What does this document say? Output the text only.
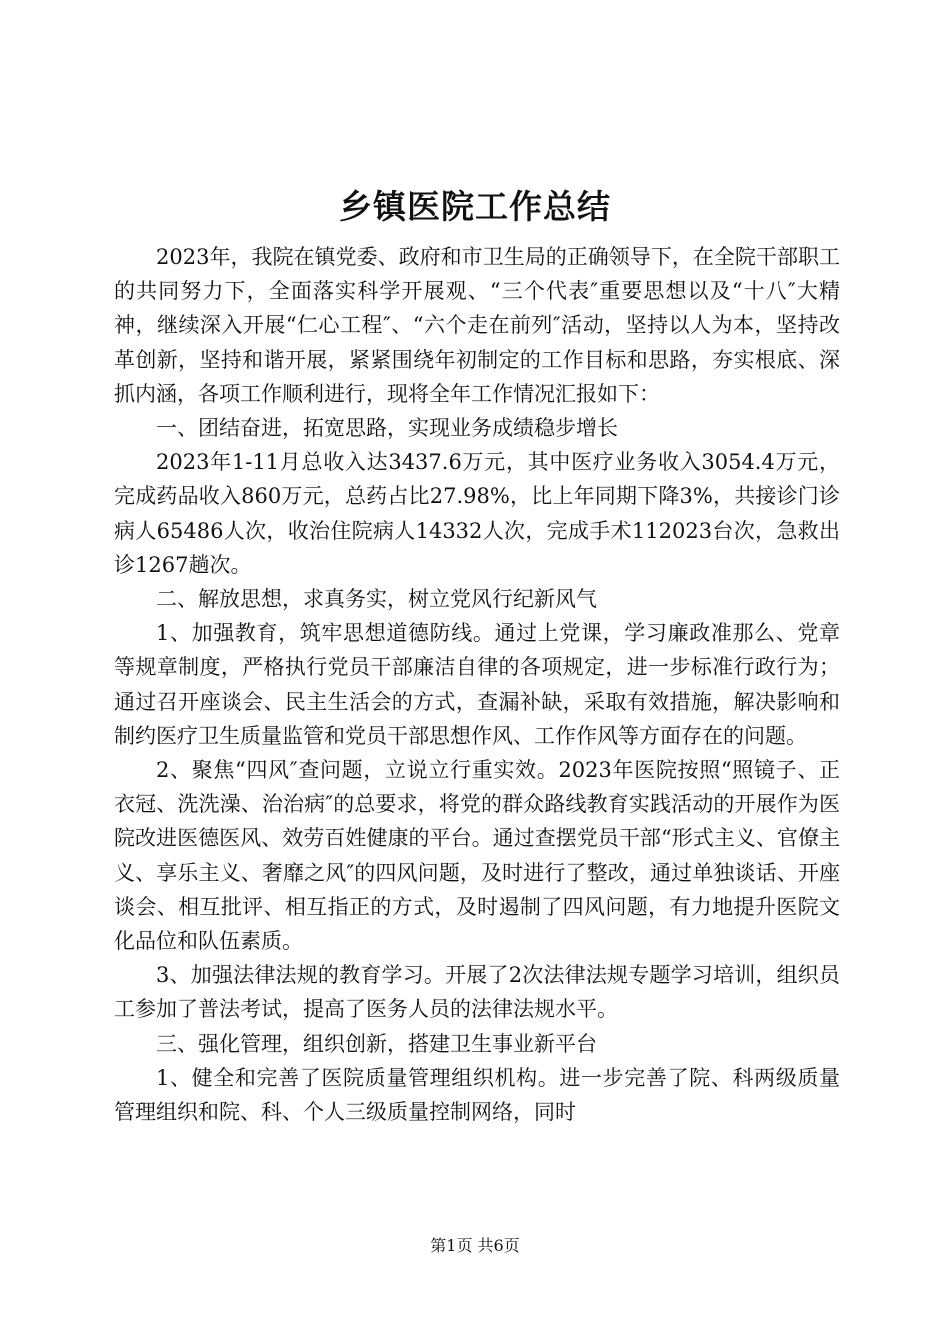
乡镇医院工作总结

2023年，我院在镇党委、政府和市卫生局的正确领导下，在全院干部职工的共同努力下，全面落实科学开展观、“三个代表″重要思想以及“十八″大精神，继续深入开展“仁心工程″、“六个走在前列″活动，坚持以人为本，坚持改革创新，坚持和谐开展，紧紧围绕年初制定的工作目标和思路，夯实根底、深抓内涵，各项工作顺利进行，现将全年工作情况汇报如下：

一、团结奋进，拓宽思路，实现业务成绩稳步增长

2023年1-11月总收入达3437.6万元，其中医疗业务收入3054.4万元，完成药品收入860万元，总药占比27.98%，比上年同期下降3%，共接诊门诊病人65486人次，收治住院病人14332人次，完成手术112023台次，急救出诊1267趟次。

二、解放思想，求真务实，树立党风行纪新风气

1、加强教育，筑牢思想道德防线。通过上党课，学习廉政准那么、党章等规章制度，严格执行党员干部廉洁自律的各项规定，进一步标准行政行为；通过召开座谈会、民主生活会的方式，查漏补缺，采取有效措施，解决影响和制约医疗卫生质量监管和党员干部思想作风、工作作风等方面存在的问题。

2、聚焦“四风″查问题，立说立行重实效。2023年医院按照“照镜子、正衣冠、洗洗澡、治治病″的总要求，将党的群众路线教育实践活动的开展作为医院改进医德医风、效劳百姓健康的平台。通过查摆党员干部“形式主义、官僚主义、享乐主义、奢靡之风″的四风问题，及时进行了整改，通过单独谈话、开座谈会、相互批评、相互指正的方式，及时遏制了四风问题，有力地提升医院文化品位和队伍素质。

3、加强法律法规的教育学习。开展了2次法律法规专题学习培训，组织员工参加了普法考试，提高了医务人员的法律法规水平。

三、强化管理，组织创新，搭建卫生事业新平台

1、健全和完善了医院质量管理组织机构。进一步完善了院、科两级质量管理组织和院、科、个人三级质量控制网络，同时

第1页 共6页
